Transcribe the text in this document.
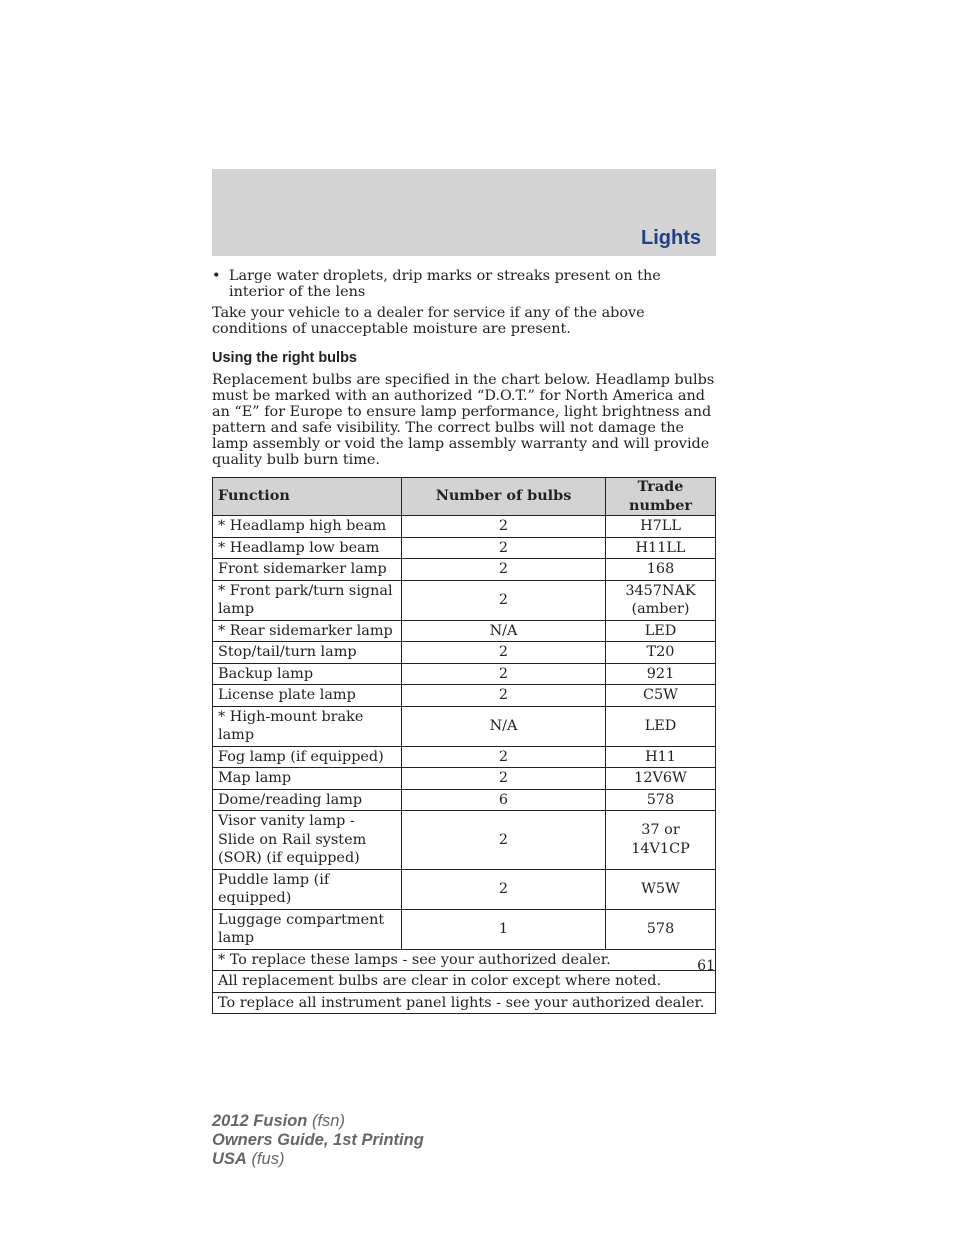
Lights
• Large water droplets, drip marks or streaks present on the interior of the lens

Take your vehicle to a dealer for service if any of the above conditions of unacceptable moisture are present.

Using the right bulbs

Replacement bulbs are specified in the chart below. Headlamp bulbs must be marked with an authorized “D.O.T.” for North America and an “E” for Europe to ensure lamp performance, light brightness and pattern and safe visibility. The correct bulbs will not damage the lamp assembly or void the lamp assembly warranty and will provide quality bulb burn time.

Function	Number of bulbs	Trade number
* Headlamp high beam	2	H7LL
* Headlamp low beam	2	H11LL
Front sidemarker lamp	2	168
* Front park/turn signal lamp	2	3457NAK (amber)
* Rear sidemarker lamp	N/A	LED
Stop/tail/turn lamp	2	T20
Backup lamp	2	921
License plate lamp	2	C5W
* High-mount brake lamp	N/A	LED
Fog lamp (if equipped)	2	H11
Map lamp	2	12V6W
Dome/reading lamp	6	578
Visor vanity lamp - Slide on Rail system (SOR) (if equipped)	2	37 or 14V1CP
Puddle lamp (if equipped)	2	W5W
Luggage compartment lamp	1	578
* To replace these lamps - see your authorized dealer.		
All replacement bulbs are clear in color except where noted.		
To replace all instrument panel lights - see your authorized dealer.		
61
2012 Fusion (fsn)
Owners Guide, 1st Printing
USA (fus)
